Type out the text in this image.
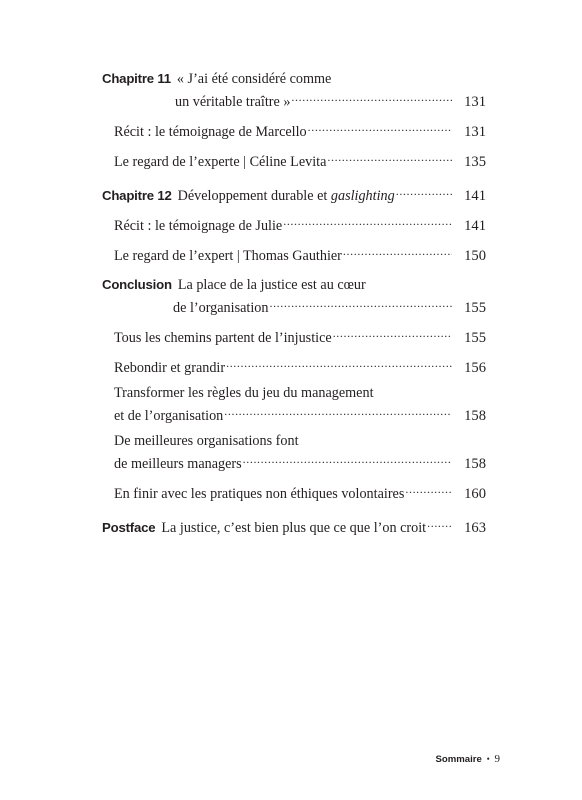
Chapitre 11 « J’ai été considéré comme
un véritable traître » .....	131
Récit : le témoignage de Marcello .....	131
Le regard de l’experte | Céline Levita .....	135
Chapitre 12 Développement durable et gaslighting .....	141
Récit : le témoignage de Julie .....	141
Le regard de l’expert | Thomas Gauthier .....	150
Conclusion La place de la justice est au cœur
de l’organisation .....	155
Tous les chemins partent de l’injustice .....	155
Rebondir et grandir .....	156
Transformer les règles du jeu du management
et de l’organisation .....	158
De meilleures organisations font
de meilleurs managers .....	158
En finir avec les pratiques non éthiques volontaires .....	160
Postface La justice, c’est bien plus que ce que l’on croit .....	163
Sommaire • 9
